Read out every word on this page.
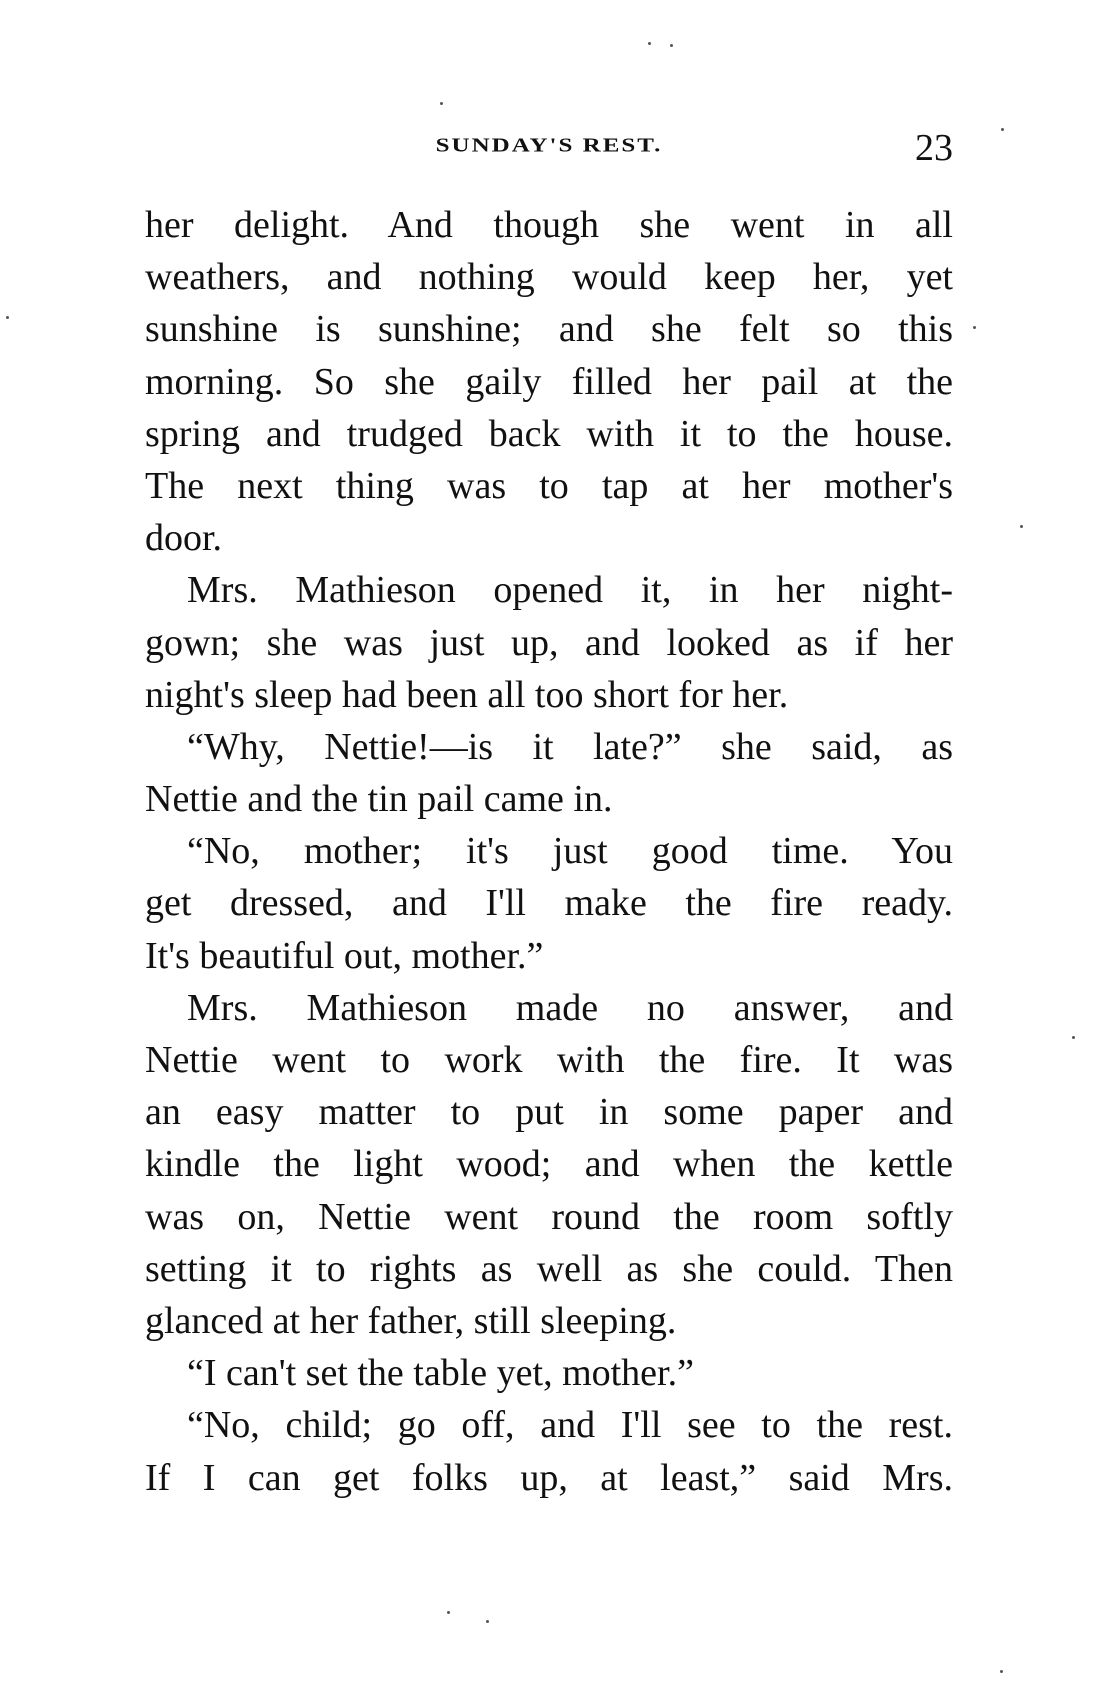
SUNDAY'S REST.	23
her delight. And though she went in all
weathers, and nothing would keep her, yet
sunshine is sunshine; and she felt so this
morning. So she gaily filled her pail at the
spring and trudged back with it to the house.
The next thing was to tap at her mother's
door.
Mrs. Mathieson opened it, in her night-
gown; she was just up, and looked as if her
night's sleep had been all too short for her.
“Why, Nettie!—is it late?” she said, as
Nettie and the tin pail came in.
“No, mother; it's just good time. You
get dressed, and I'll make the fire ready.
It's beautiful out, mother.”
Mrs. Mathieson made no answer, and
Nettie went to work with the fire. It was
an easy matter to put in some paper and
kindle the light wood; and when the kettle
was on, Nettie went round the room softly
setting it to rights as well as she could. Then
glanced at her father, still sleeping.
“I can't set the table yet, mother.”
“No, child; go off, and I'll see to the rest.
If I can get folks up, at least,” said Mrs.
